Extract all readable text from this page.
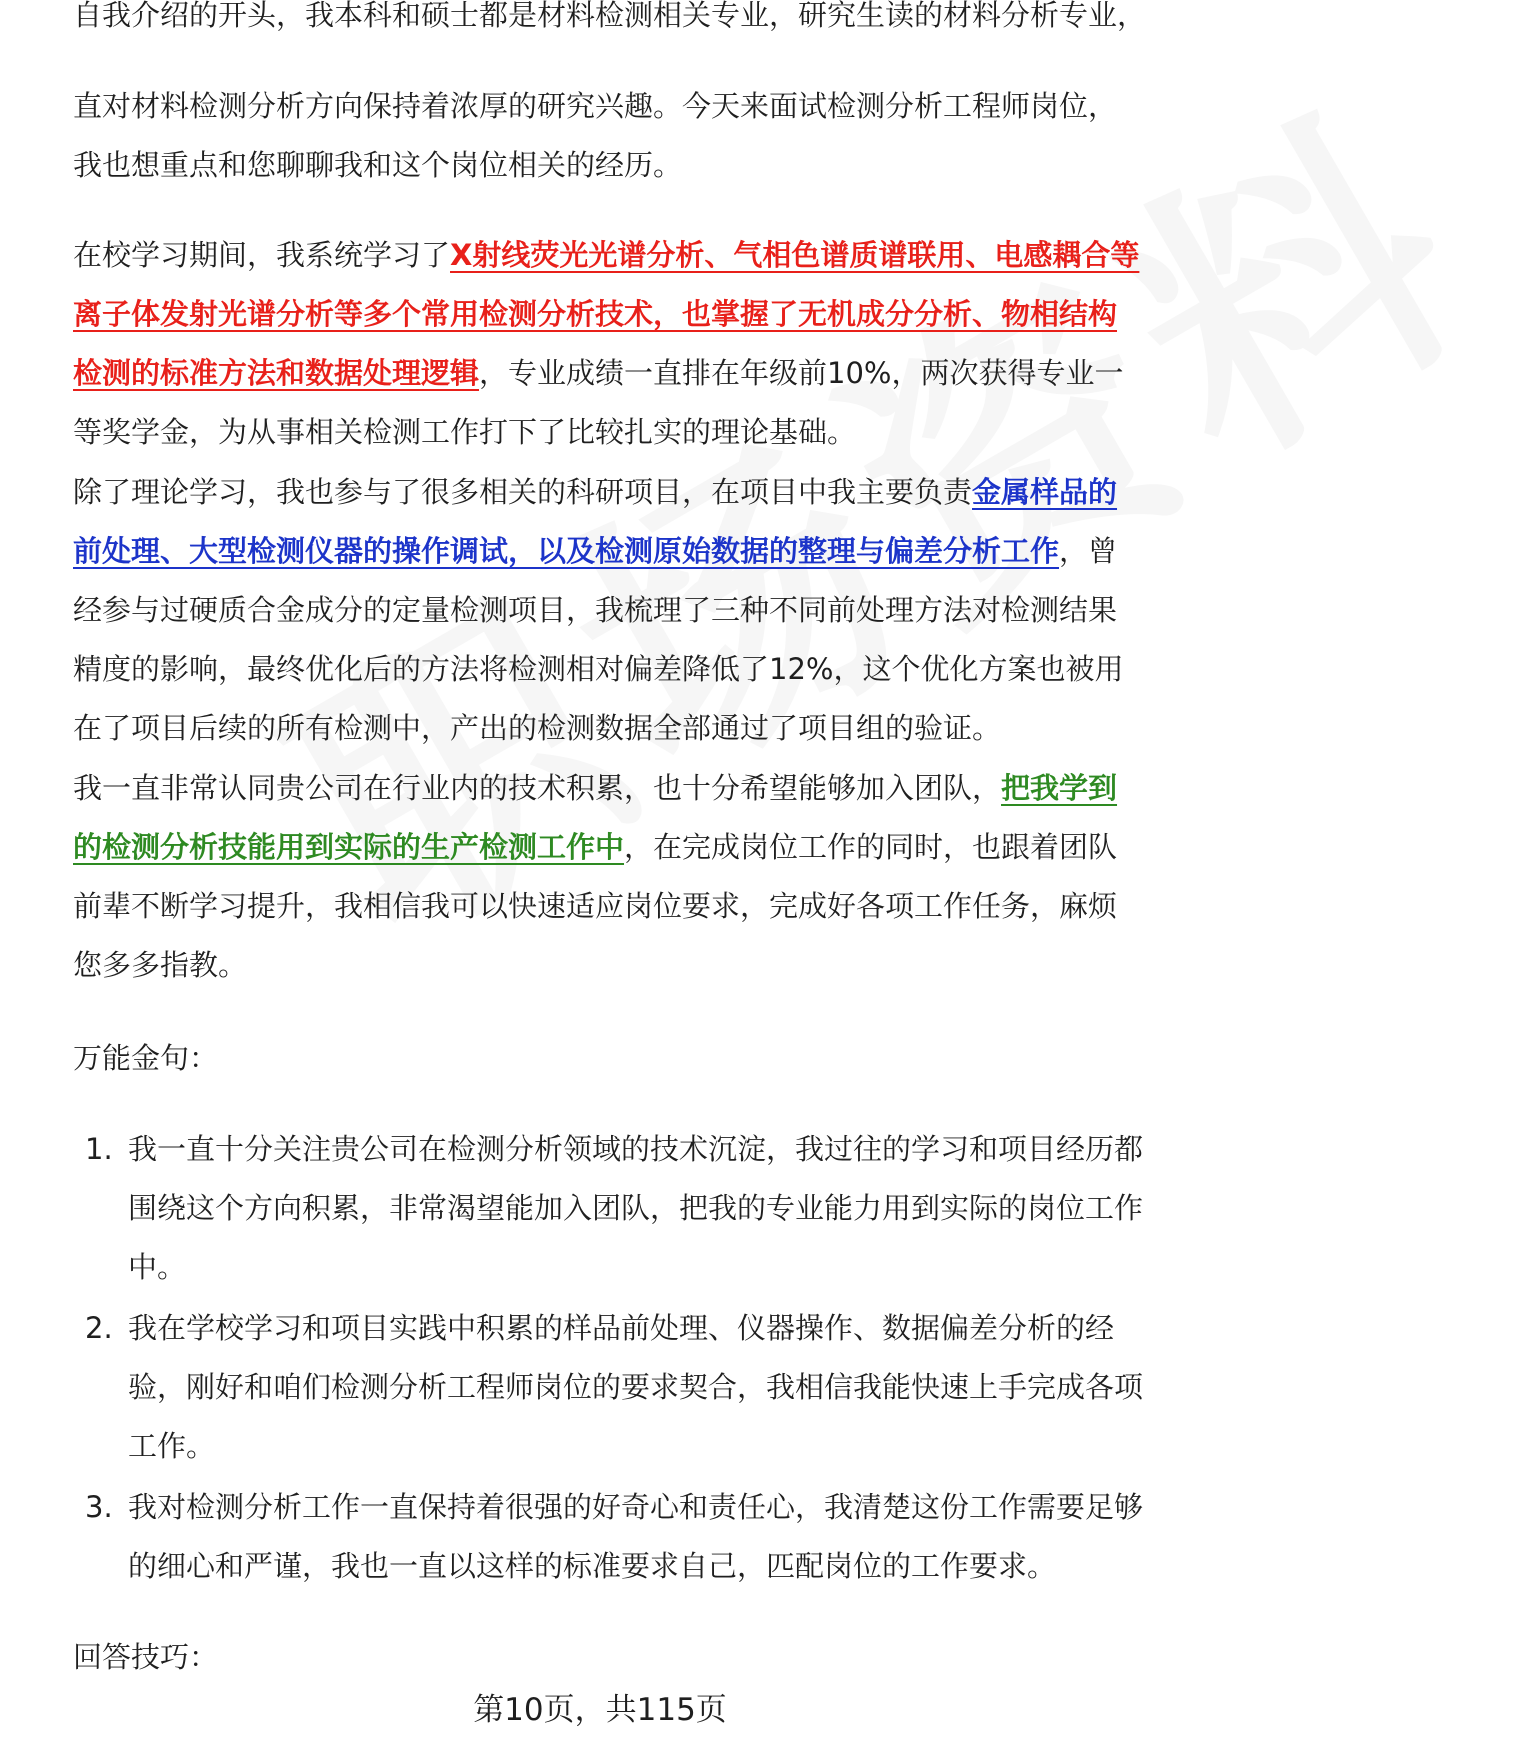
自我介绍的开头，我本科和硕士都是材料检测相关专业，研究生读的材料分析专业，
直对材料检测分析方向保持着浓厚的研究兴趣。今天来面试检测分析工程师岗位，
我也想重点和您聊聊我和这个岗位相关的经历。
在校学习期间，我系统学习了X射线荧光光谱分析、气相色谱质谱联用、电感耦合等离子体发射光谱分析等多个常用检测分析技术，也掌握了无机成分分析、物相结构检测的标准方法和数据处理逻辑，专业成绩一直排在年级前10%，两次获得专业一等奖学金，为从事相关检测工作打下了比较扎实的理论基础。
除了理论学习，我也参与了很多相关的科研项目，在项目中我主要负责金属样品的前处理、大型检测仪器的操作调试，以及检测原始数据的整理与偏差分析工作，曾经参与过硬质合金成分的定量检测项目，我梳理了三种不同前处理方法对检测结果精度的影响，最终优化后的方法将检测相对偏差降低了12%，这个优化方案也被用在了项目后续的所有检测中，产出的检测数据全部通过了项目组的验证。
我一直非常认同贵公司在行业内的技术积累，也十分希望能够加入团队，把我学到的检测分析技能用到实际的生产检测工作中，在完成岗位工作的同时，也跟着团队前辈不断学习提升，我相信我可以快速适应岗位要求，完成好各项工作任务，麻烦您多多指教。
万能金句：
1. 我一直十分关注贵公司在检测分析领域的技术沉淀，我过往的学习和项目经历都围绕这个方向积累，非常渴望能加入团队，把我的专业能力用到实际的岗位工作中。
2. 我在学校学习和项目实践中积累的样品前处理、仪器操作、数据偏差分析的经验，刚好和咱们检测分析工程师岗位的要求契合，我相信我能快速上手完成各项工作。
3. 我对检测分析工作一直保持着很强的好奇心和责任心，我清楚这份工作需要足够的细心和严谨，我也一直以这样的标准要求自己，匹配岗位的工作要求。
回答技巧：
第10页，共115页
